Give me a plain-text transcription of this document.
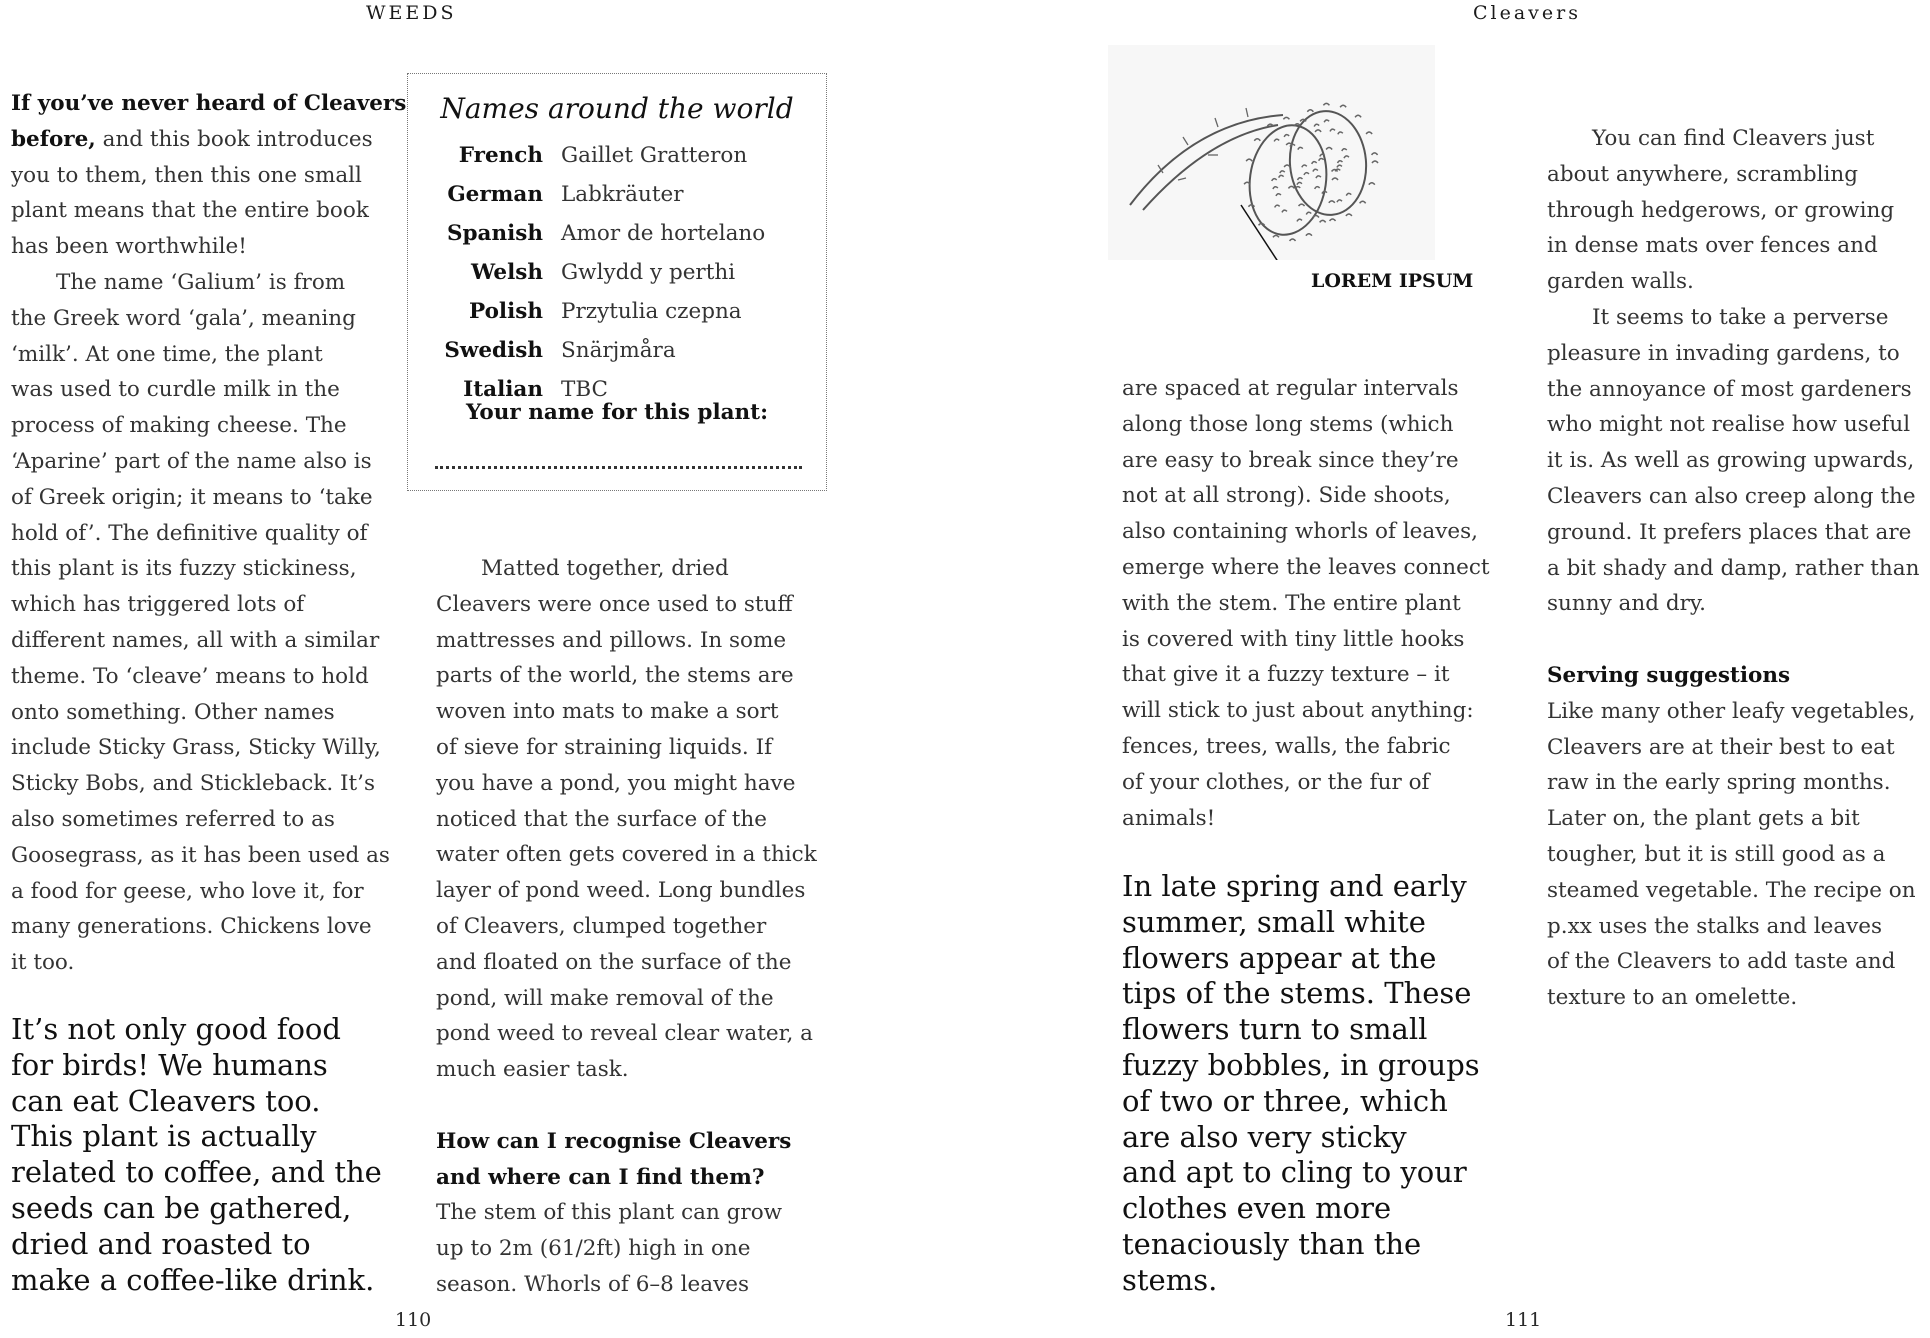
WEEDS	Cleavers

If you’ve never heard of Cleavers
before, and this book introduces
you to them, then this one small
plant means that the entire book
has been worthwhile!

The name ‘Galium’ is from
the Greek word ‘gala’, meaning
‘milk’. At one time, the plant
was used to curdle milk in the
process of making cheese. The
‘Aparine’ part of the name also is
of Greek origin; it means to ‘take
hold of’. The definitive quality of
this plant is its fuzzy stickiness,
which has triggered lots of
different names, all with a similar
theme. To ‘cleave’ means to hold
onto something. Other names
include Sticky Grass, Sticky Willy,
Sticky Bobs, and Stickleback. It’s
also sometimes referred to as
Goosegrass, as it has been used as
a food for geese, who love it, for
many generations. Chickens love
it too.

It’s not only good food
for birds! We humans
can eat Cleavers too.
This plant is actually
related to coffee, and the
seeds can be gathered,
dried and roasted to
make a coffee-like drink.
Names around the world
French	Gaillet Gratteron
German	Labkräuter
Spanish	Amor de hortelano
Welsh	Gwlydd y perthi
Polish	Przytulia czepna
Swedish	Snärjmåra
Italian	TBC
Your name for this plant:

Matted together, dried
Cleavers were once used to stuff
mattresses and pillows. In some
parts of the world, the stems are
woven into mats to make a sort
of sieve for straining liquids. If
you have a pond, you might have
noticed that the surface of the
water often gets covered in a thick
layer of pond weed. Long bundles
of Cleavers, clumped together
and floated on the surface of the
pond, will make removal of the
pond weed to reveal clear water, a
much easier task.

How can I recognise Cleavers
and where can I find them?

The stem of this plant can grow
up to 2m (61/2ft) high in one
season. Whorls of 6–8 leaves

LOREM IPSUM

are spaced at regular intervals
along those long stems (which
are easy to break since they’re
not at all strong). Side shoots,
also containing whorls of leaves,
emerge where the leaves connect
with the stem. The entire plant
is covered with tiny little hooks
that give it a fuzzy texture – it
will stick to just about anything:
fences, trees, walls, the fabric
of your clothes, or the fur of
animals!

In late spring and early
summer, small white
flowers appear at the
tips of the stems. These
flowers turn to small
fuzzy bobbles, in groups
of two or three, which
are also very sticky
and apt to cling to your
clothes even more
tenaciously than the
stems.

You can find Cleavers just
about anywhere, scrambling
through hedgerows, or growing
in dense mats over fences and
garden walls.

It seems to take a perverse
pleasure in invading gardens, to
the annoyance of most gardeners
who might not realise how useful
it is. As well as growing upwards,
Cleavers can also creep along the
ground. It prefers places that are
a bit shady and damp, rather than
sunny and dry.

Serving suggestions

Like many other leafy vegetables,
Cleavers are at their best to eat
raw in the early spring months.
Later on, the plant gets a bit
tougher, but it is still good as a
steamed vegetable. The recipe on
p.xx uses the stalks and leaves
of the Cleavers to add taste and
texture to an omelette.

110	111
